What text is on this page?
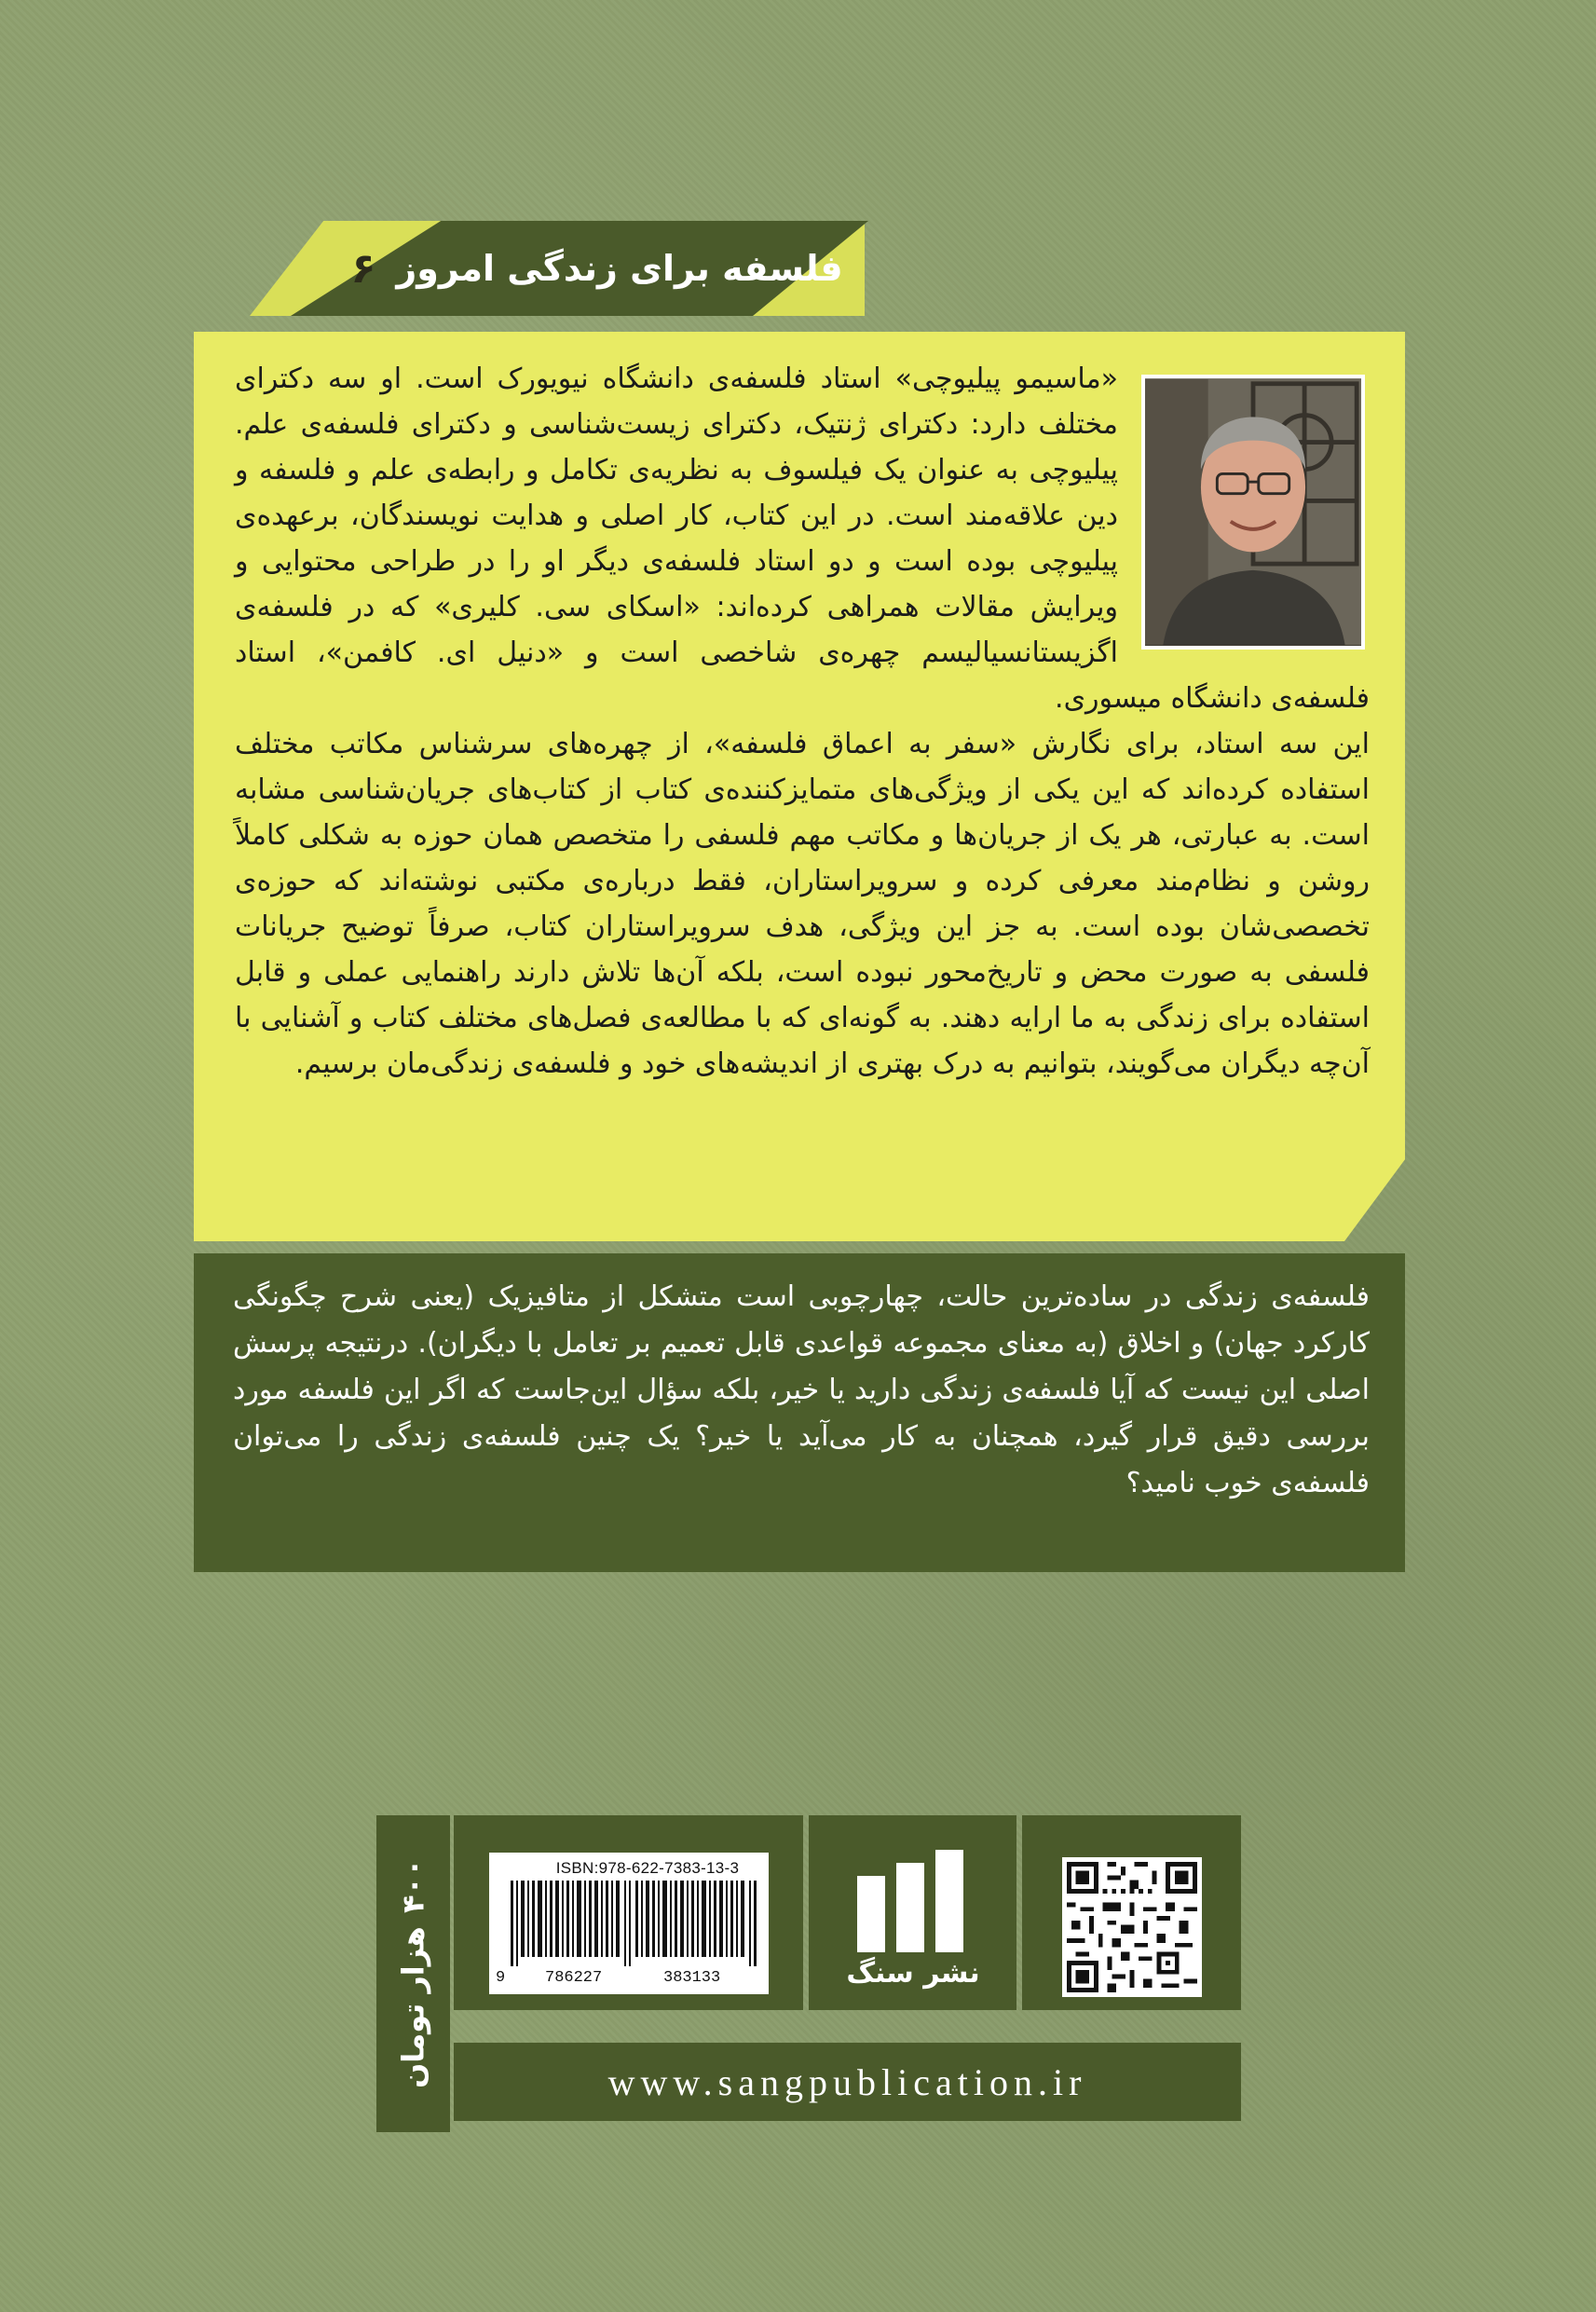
فلسفه برای زندگی امروز
۶

«ماسیمو پیلیوچی» استاد فلسفه‌ی دانشگاه نیویورک است. او سه دکترای مختلف دارد: دکترای ژنتیک، دکترای زیست‌شناسی و دکترای فلسفه‌ی علم. پیلیوچی به عنوان یک فیلسوف به نظریه‌ی تکامل و رابطه‌ی علم و فلسفه و دین علاقه‌مند است. در این کتاب، کار اصلی و هدایت نویسندگان، برعهده‌ی پیلیوچی بوده است و دو استاد فلسفه‌ی دیگر او را در طراحی محتوایی و ویرایش مقالات همراهی کرده‌اند: «اسکای سی. کلیری» که در فلسفه‌ی اگزیستانسیالیسم چهره‌ی شاخصی است و «دنیل ای. کافمن»، استاد فلسفه‌ی دانشگاه میسوری.

این سه استاد، برای نگارش «سفر به اعماق فلسفه»، از چهره‌های سرشناس مکاتب مختلف استفاده کرده‌اند که این یکی از ویژگی‌های متمایزکننده‌ی کتاب از کتاب‌های جریان‌شناسی مشابه است. به عبارتی، هر یک از جریان‌ها و مکاتب مهم فلسفی را متخصص همان حوزه به شکلی کاملاً روشن و نظام‌مند معرفی کرده و سرویراستاران، فقط درباره‌ی مکتبی نوشته‌اند که حوزه‌ی تخصصی‌شان بوده است. به جز این ویژگی، هدف سرویراستاران کتاب، صرفاً توضیح جریانات فلسفی به صورت محض و تاریخ‌محور نبوده است، بلکه آن‌ها تلاش دارند راهنمایی عملی و قابل استفاده برای زندگی به ما ارایه دهند. به گونه‌ای که با مطالعه‌ی فصل‌های مختلف کتاب و آشنایی با آن‌چه دیگران می‌گویند، بتوانیم به درک بهتری از اندیشه‌های خود و فلسفه‌ی زندگی‌مان برسیم.

فلسفه‌ی زندگی در ساده‌ترین حالت، چهارچوبی است متشکل از متافیزیک (یعنی شرح چگونگی کارکرد جهان) و اخلاق (به معنای مجموعه قواعدی قابل تعمیم بر تعامل با دیگران). درنتیجه پرسش اصلی این نیست که آیا فلسفه‌ی زندگی دارید یا خیر، بلکه سؤال این‌جاست که اگر این فلسفه مورد بررسی دقیق قرار گیرد، همچنان به کار می‌آید یا خیر؟ یک چنین فلسفه‌ی زندگی را می‌توان فلسفه‌ی خوب نامید؟
۴۰۰
هزار تومان
ISBN:978-622-7383-13-3
9	786227	383133	نشر سنگ
www.sangpublication.ir
